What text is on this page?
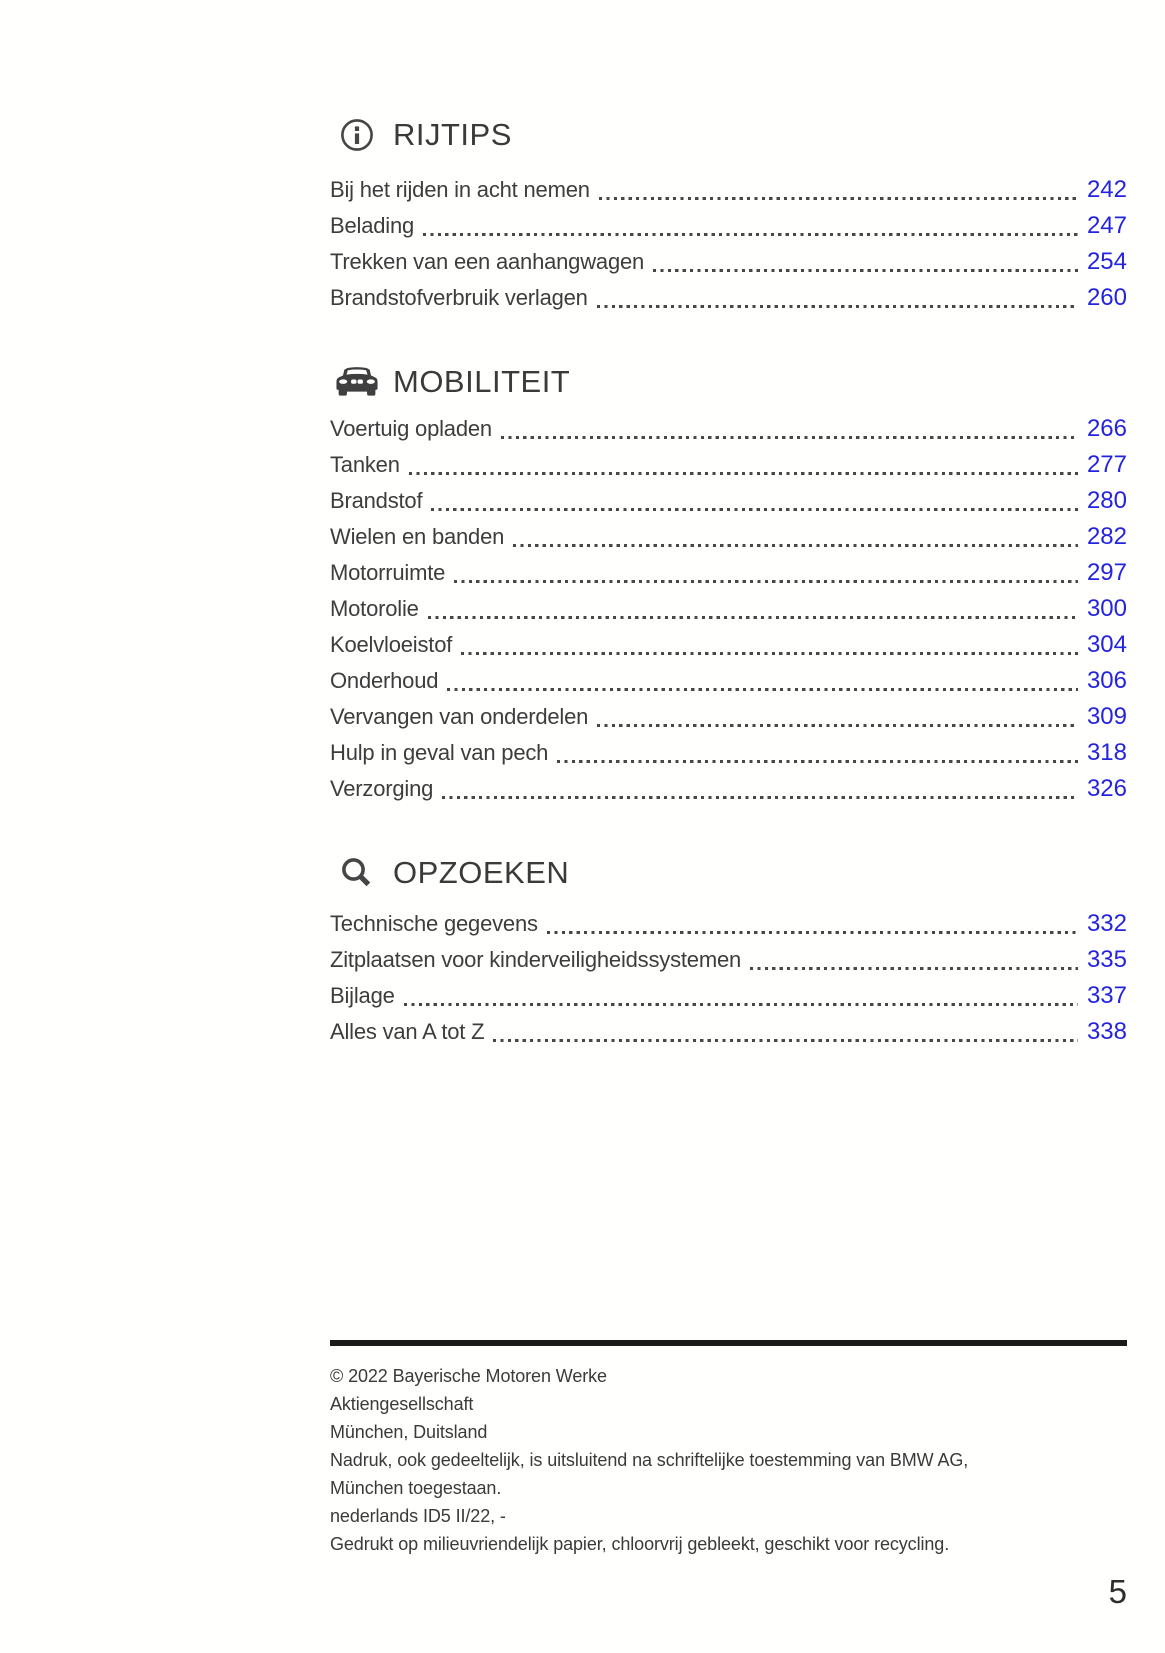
RIJTIPS
Bij het rijden in acht nemen	242
Belading	247
Trekken van een aanhangwagen	254
Brandstofverbruik verlagen	260
MOBILITEIT
Voertuig opladen	266
Tanken	277
Brandstof	280
Wielen en banden	282
Motorruimte	297
Motorolie	300
Koelvloeistof	304
Onderhoud	306
Vervangen van onderdelen	309
Hulp in geval van pech	318
Verzorging	326
OPZOEKEN
Technische gegevens	332
Zitplaatsen voor kinderveiligheidssystemen	335
Bijlage	337
Alles van A tot Z	338

© 2022 Bayerische Motoren Werke

Aktiengesellschaft

München, Duitsland

Nadruk, ook gedeeltelijk, is uitsluitend na schriftelijke toestemming van BMW AG,

München toegestaan.

nederlands ID5 II/22, -

Gedrukt op milieuvriendelijk papier, chloorvrij gebleekt, geschikt voor recycling.

5
